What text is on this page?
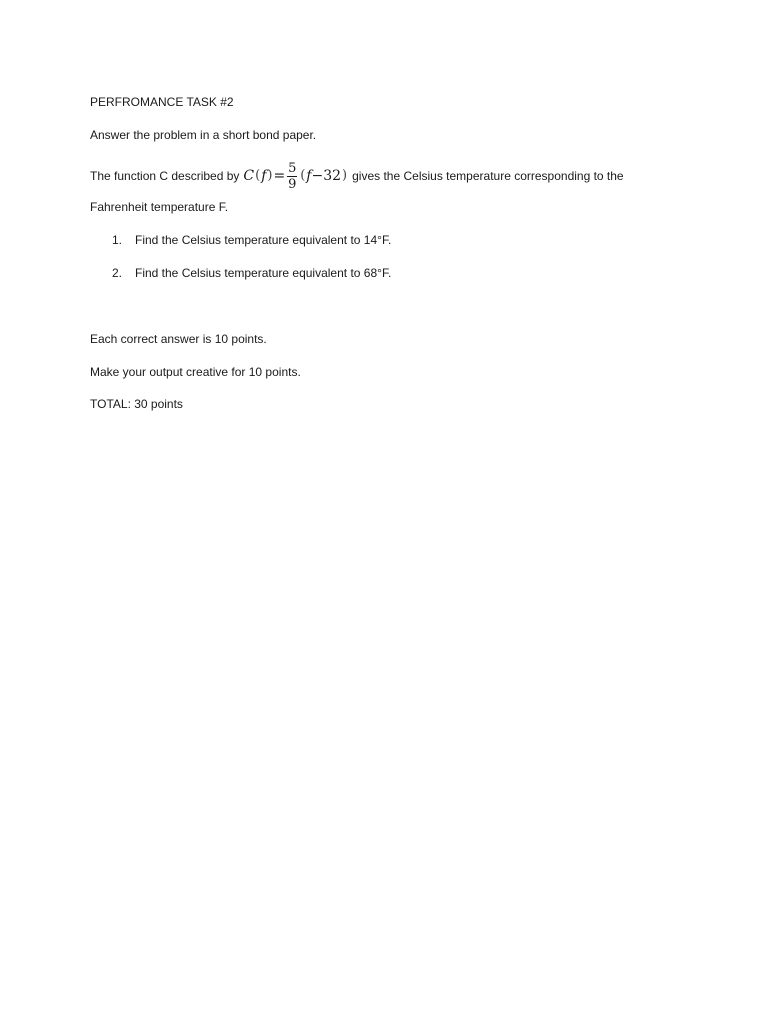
PERFROMANCE TASK #2
Answer the problem in a short bond paper.
The function C described by C ( f ) = $\frac{5}{9}$ ( f − 32 ) gives the Celsius temperature corresponding to the
Fahrenheit temperature F.
1. Find the Celsius temperature equivalent to 14°F.
2. Find the Celsius temperature equivalent to 68°F.
Each correct answer is 10 points.
Make your output creative for 10 points.
TOTAL: 30 points
